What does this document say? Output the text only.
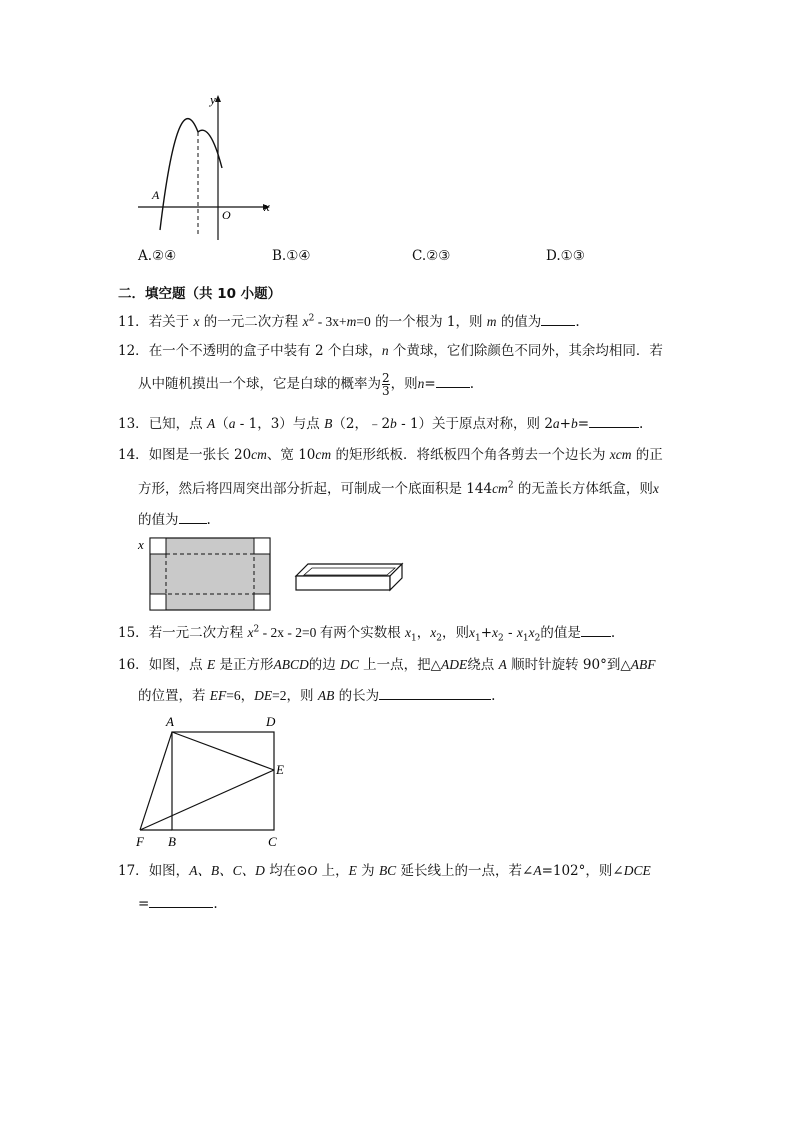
y
x
O
A
A.②④	B.①④	C.②③	D.①③
二．填空题（共 10 小题）
11．若关于 x 的一元二次方程 $x^2 - 3x+m=0$ 的一个根为 1，则 m 的值为	.
12．在一个不透明的盒子中装有 2 个白球，n 个黄球，它们除颜色不同外，其余均相同．若
从中随机摸出一个球，它是白球的概率为 $\frac{2}{3}$ ，则n=	.
13．已知，点 A（a - 1，3）与点 B（2，﹣2b - 1）关于原点对称，则 2a+b=	.
14．如图是一张长 20cm、宽 10cm 的矩形纸板．将纸板四个角各剪去一个边长为 xcm 的正
方形，然后将四周突出部分折起，可制成一个底面积是 $144cm^2$ 的无盖长方体纸盒，则x
的值为 .
x
15．若一元二次方程 $x^2 - 2x - 2=0$ 有两个实数根 $x_1$，$x_2$，则$x_1+x_2 - x_1x_2$的值是 .
16．如图，点 E 是正方形ABCD的边 DC 上一点，把△ADE绕点 A 顺时针旋转 90°到△ABF
的位置，若 EF=6，DE=2，则 AB 的长为	.
A	D
E
F B	C
17．如图，A、B、C、D 均在⊙O 上，E 为 BC 延长线上的一点，若∠A=102°，则∠DCE
=	.
